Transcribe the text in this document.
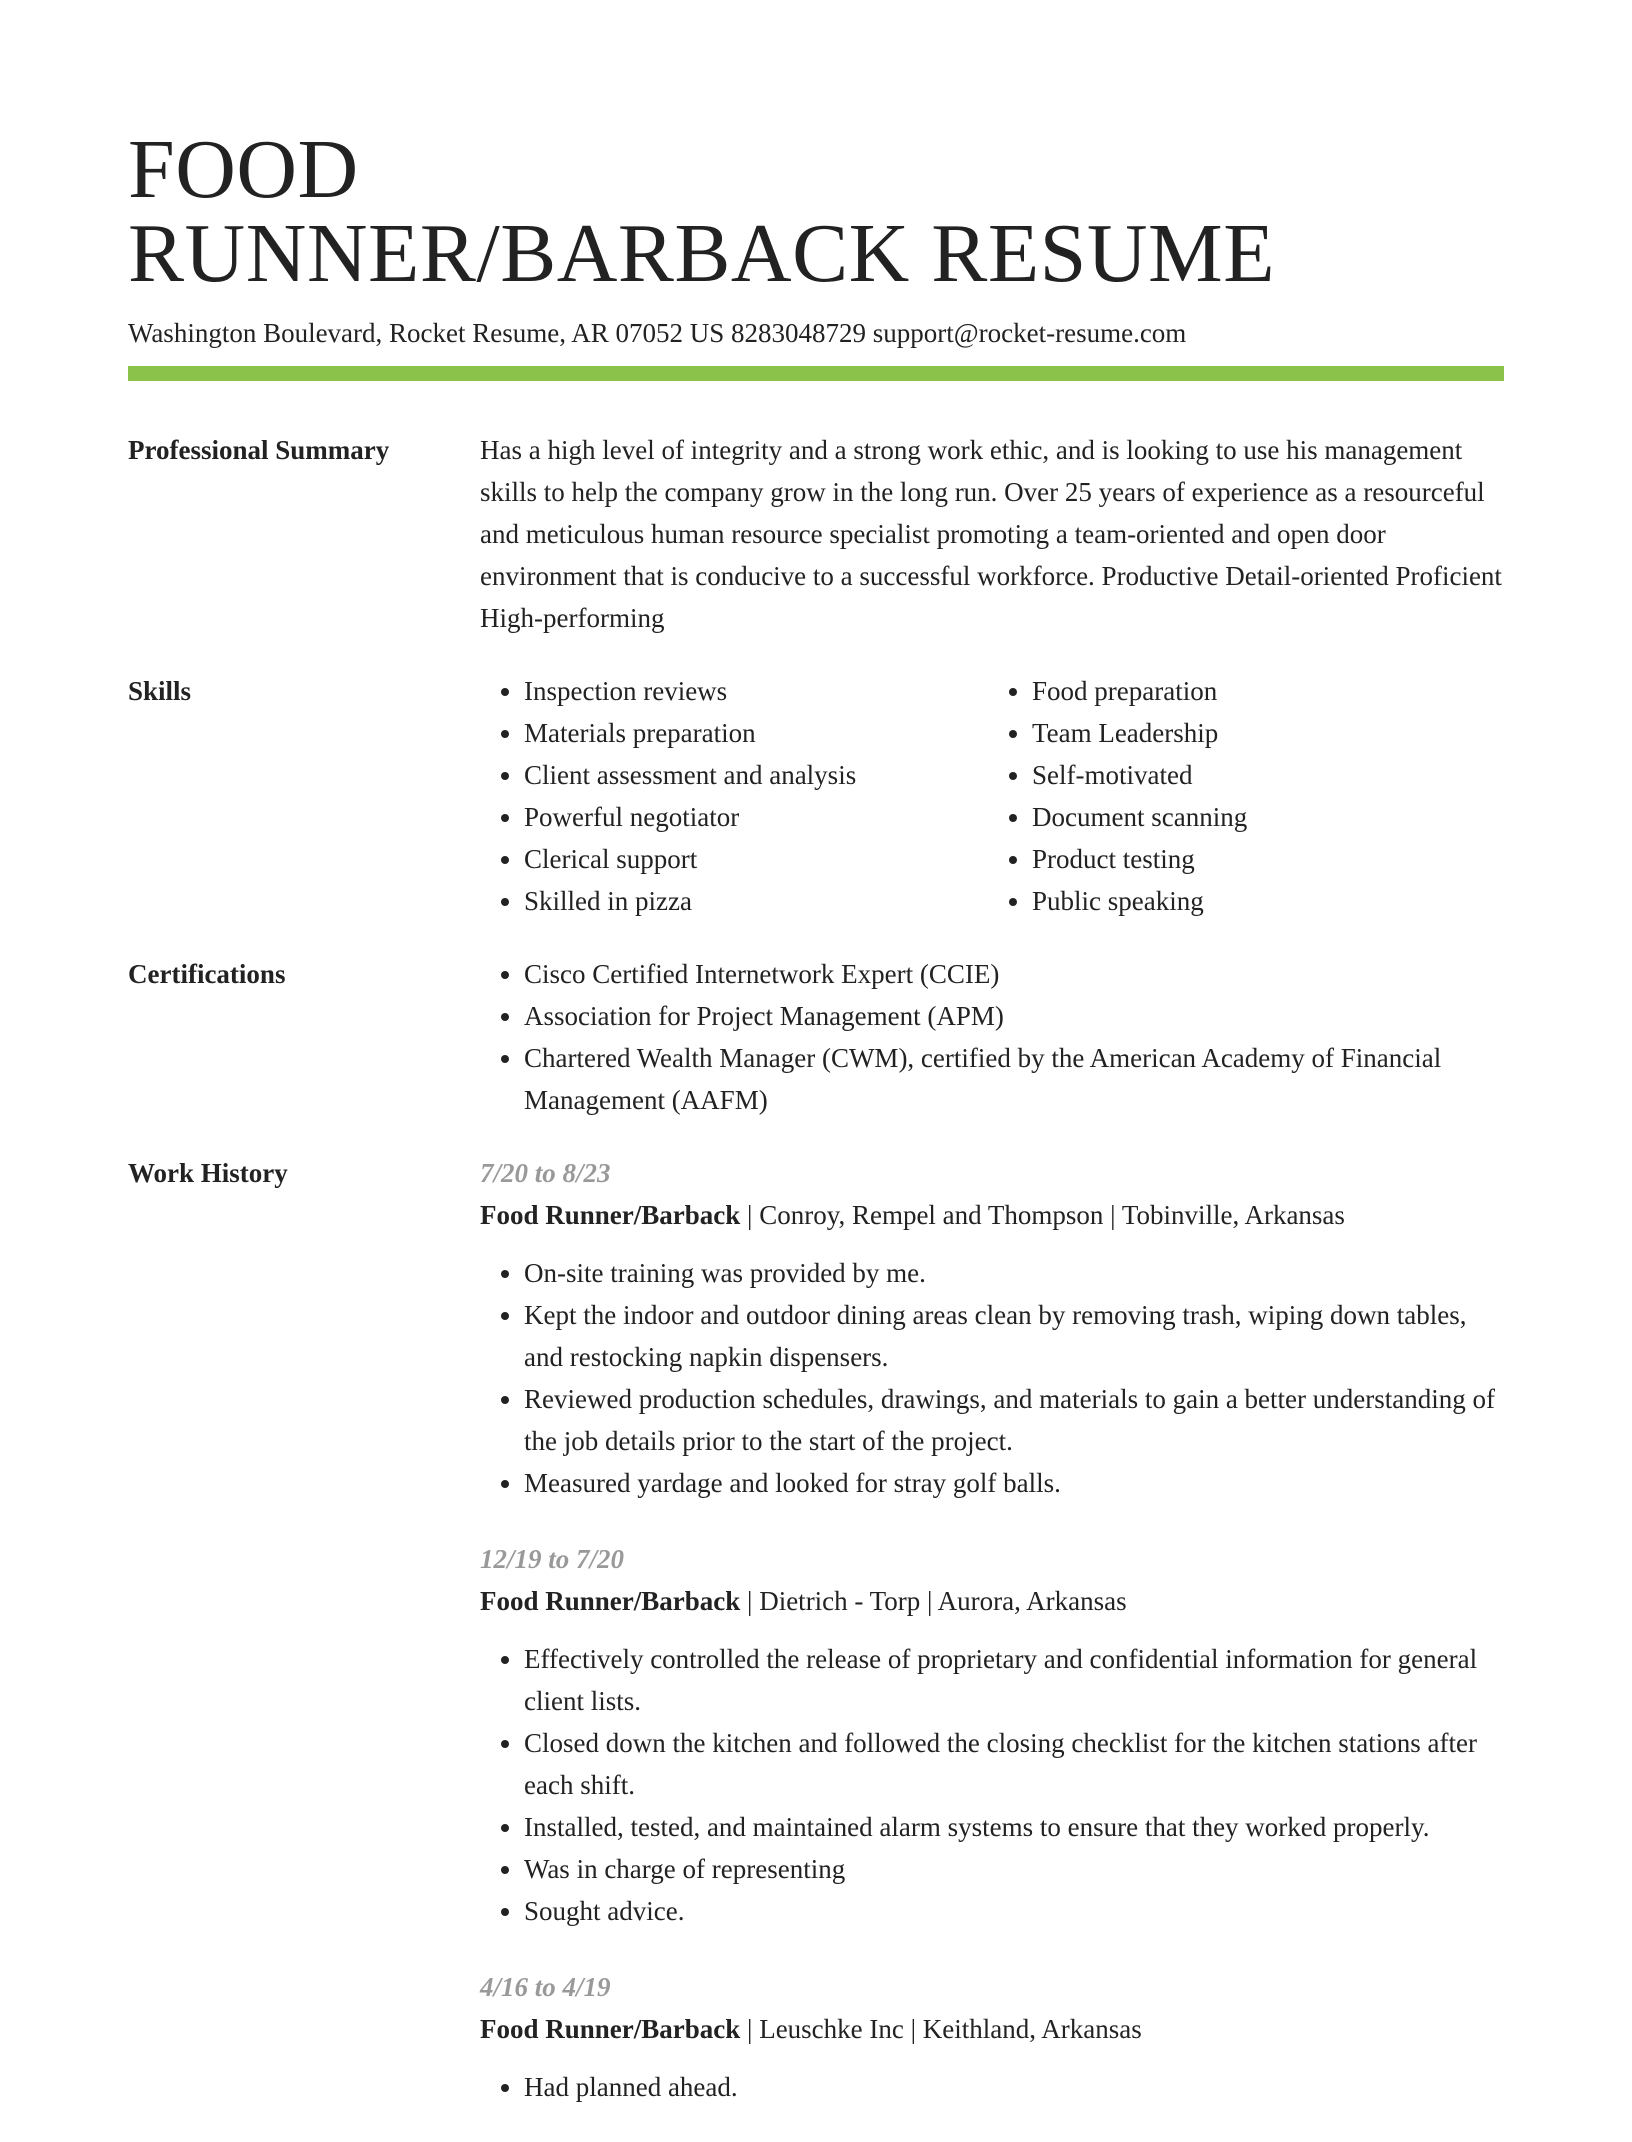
FOOD
RUNNER/BARBACK RESUME
Washington Boulevard, Rocket Resume, AR 07052 US 8283048729 support@rocket-resume.com
Professional Summary	Has a high level of integrity and a strong work ethic, and is looking to use his management skills to help the company grow in the long run. Over 25 years of experience as a resourceful and meticulous human resource specialist promoting a team-oriented and open door environment that is conducive to a successful workforce. Productive Detail-oriented Proficient High-performing

Skills	• Inspection reviews
• Materials preparation
• Client assessment and analysis
• Powerful negotiator
• Clerical support
• Skilled in pizza
• Food preparation
• Team Leadership
• Self-motivated
• Document scanning
• Product testing
• Public speaking
Certifications	• Cisco Certified Internetwork Expert (CCIE)
• Association for Project Management (APM)
• Chartered Wealth Manager (CWM), certified by the American Academy of Financial Management (AAFM)
Work History	7/20 to 8/23
Food Runner/Barback | Conroy, Rempel and Thompson | Tobinville, Arkansas
• On-site training was provided by me.
• Kept the indoor and outdoor dining areas clean by removing trash, wiping down tables, and restocking napkin dispensers.
• Reviewed production schedules, drawings, and materials to gain a better understanding of the job details prior to the start of the project.
• Measured yardage and looked for stray golf balls.
12/19 to 7/20
Food Runner/Barback | Dietrich - Torp | Aurora, Arkansas
• Effectively controlled the release of proprietary and confidential information for general client lists.
• Closed down the kitchen and followed the closing checklist for the kitchen stations after each shift.
• Installed, tested, and maintained alarm systems to ensure that they worked properly.
• Was in charge of representing
• Sought advice.
4/16 to 4/19
Food Runner/Barback | Leuschke Inc | Keithland, Arkansas
• Had planned ahead.
